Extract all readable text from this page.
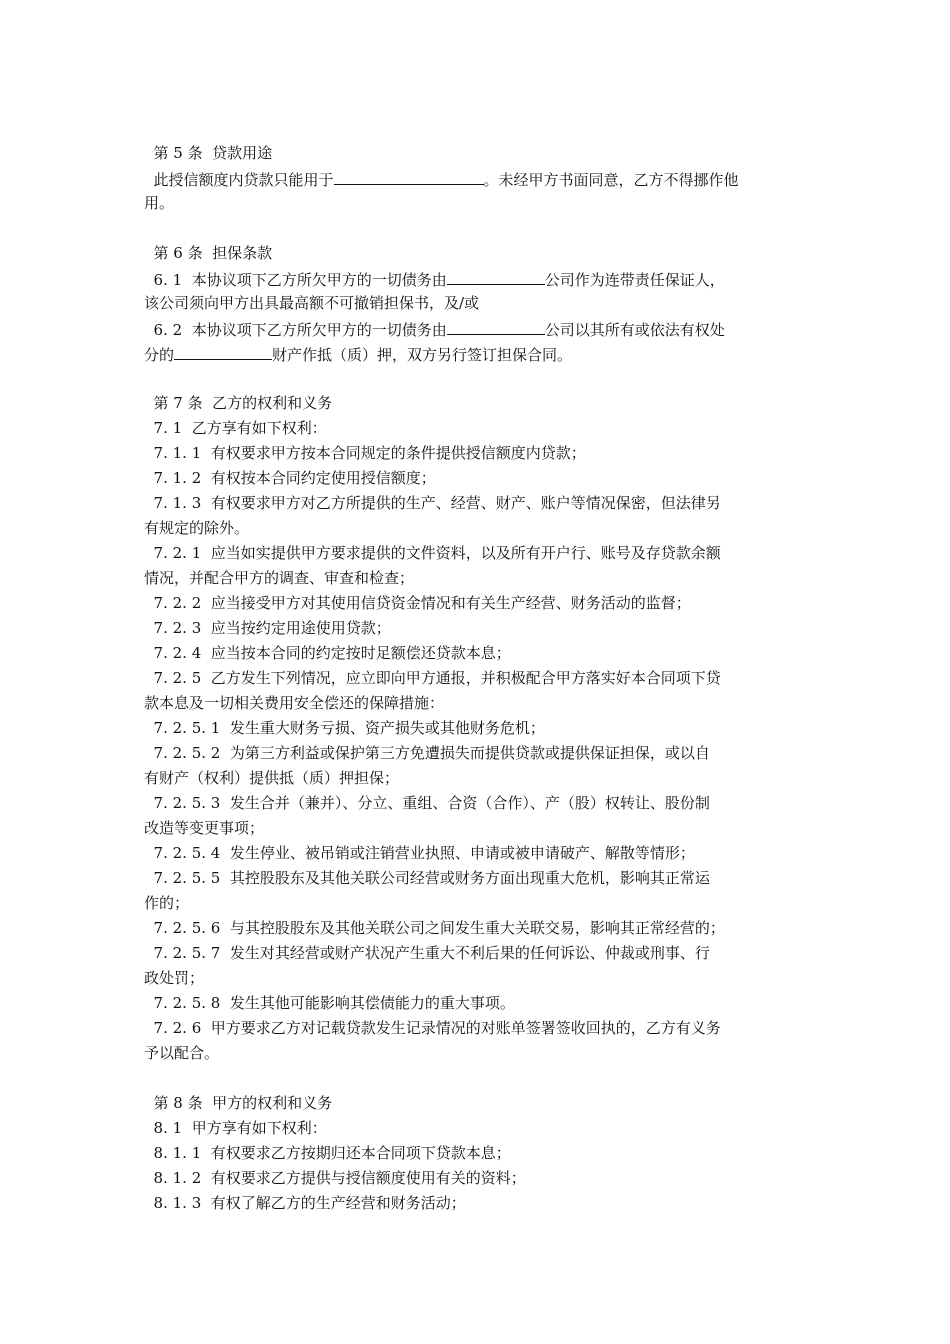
第 5 条  贷款用途
此授信额度内贷款只能用于	。未经甲方书面同意，乙方不得挪作他
用。
第 6 条  担保条款
6. 1  本协议项下乙方所欠甲方的一切债务由	公司作为连带责任保证人，
该公司须向甲方出具最高额不可撤销担保书，及/或
6. 2  本协议项下乙方所欠甲方的一切债务由	公司以其所有或依法有权处
分的	财产作抵（质）押，双方另行签订担保合同。
第 7 条  乙方的权利和义务
7. 1  乙方享有如下权利：
7. 1. 1  有权要求甲方按本合同规定的条件提供授信额度内贷款；
7. 1. 2  有权按本合同约定使用授信额度；
7. 1. 3  有权要求甲方对乙方所提供的生产、经营、财产、账户等情况保密，但法律另
有规定的除外。
7. 2. 1  应当如实提供甲方要求提供的文件资料，以及所有开户行、账号及存贷款余额
情况，并配合甲方的调查、审查和检查；
7. 2. 2  应当接受甲方对其使用信贷资金情况和有关生产经营、财务活动的监督；
7. 2. 3  应当按约定用途使用贷款；
7. 2. 4  应当按本合同的约定按时足额偿还贷款本息；
7. 2. 5  乙方发生下列情况，应立即向甲方通报，并积极配合甲方落实好本合同项下贷
款本息及一切相关费用安全偿还的保障措施：
7. 2. 5. 1  发生重大财务亏损、资产损失或其他财务危机；
7. 2. 5. 2  为第三方利益或保护第三方免遭损失而提供贷款或提供保证担保，或以自
有财产（权利）提供抵（质）押担保；
7. 2. 5. 3  发生合并（兼并）、分立、重组、合资（合作）、产（股）权转让、股份制
改造等变更事项；
7. 2. 5. 4  发生停业、被吊销或注销营业执照、申请或被申请破产、解散等情形；
7. 2. 5. 5  其控股股东及其他关联公司经营或财务方面出现重大危机，影响其正常运
作的；
7. 2. 5. 6  与其控股股东及其他关联公司之间发生重大关联交易，影响其正常经营的；
7. 2. 5. 7  发生对其经营或财产状况产生重大不利后果的任何诉讼、仲裁或刑事、行
政处罚；
7. 2. 5. 8  发生其他可能影响其偿债能力的重大事项。
7. 2. 6  甲方要求乙方对记载贷款发生记录情况的对账单签署签收回执的，乙方有义务
予以配合。
第 8 条  甲方的权利和义务
8. 1  甲方享有如下权利：
8. 1. 1  有权要求乙方按期归还本合同项下贷款本息；
8. 1. 2  有权要求乙方提供与授信额度使用有关的资料；
8. 1. 3  有权了解乙方的生产经营和财务活动；
